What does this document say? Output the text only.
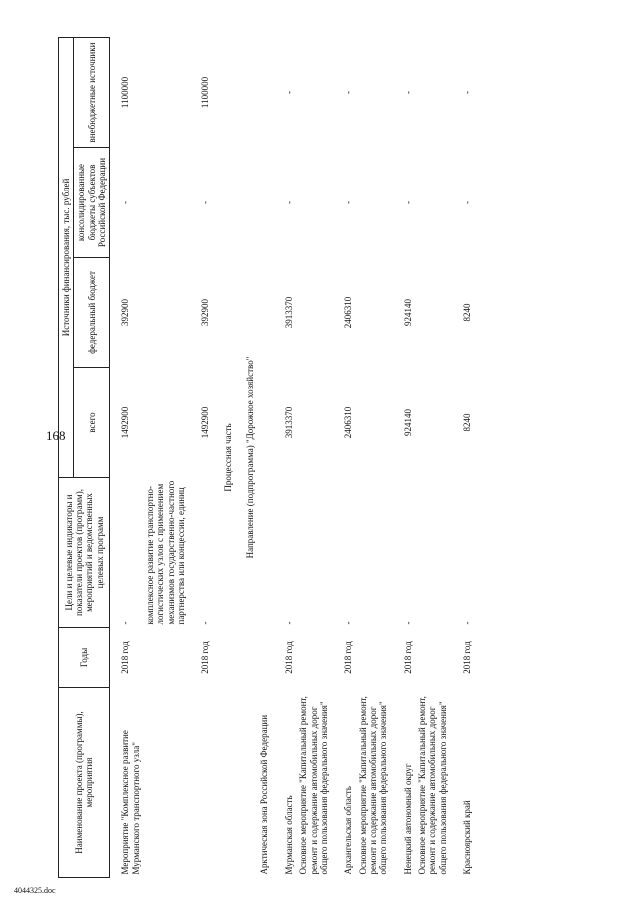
168
4044325.doc
Наименование проекта (программы), мероприятия	Годы	Цели и целевые индикаторы и показатели проектов (программ), мероприятий и ведомственных целевых программ	Источники финансирования, тыс. рублей			
			всего	федеральный бюджет	консолидированные бюджеты субъектов Российской Федерации	внебюджетные источники
Мероприятие "Комплексное развитие Мурманского транспортного узла"	2018 год	-	1492900	392900	-	1100000
		комплексное развитие транспортно-логистических узлов с применением механизмов государственно-частного партнерства или концессии, единиц				
	2018 год	-	1492900	392900	-	1100000
Процессная часть						
Направление (подпрограмма) "Дорожное хозяйство"						
Арктическая зона Российской Федерации						
Мурманская область	2018 год	-	3913370	3913370	-	-
Основное мероприятие "Капитальный ремонт, ремонт и содержание автомобильных дорог общего пользования федерального значения"						
Архангельская область	2018 год	-	2406310	2406310	-	-
Основное мероприятие "Капитальный ремонт, ремонт и содержание автомобильных дорог общего пользования федерального значения"						
Ненецкий автономный округ	2018 год	-	924140	924140	-	-
Основное мероприятие "Капитальный ремонт, ремонт и содержание автомобильных дорог общего пользования федерального значения"						
Красноярский край	2018 год	-	8240	8240	-	-
